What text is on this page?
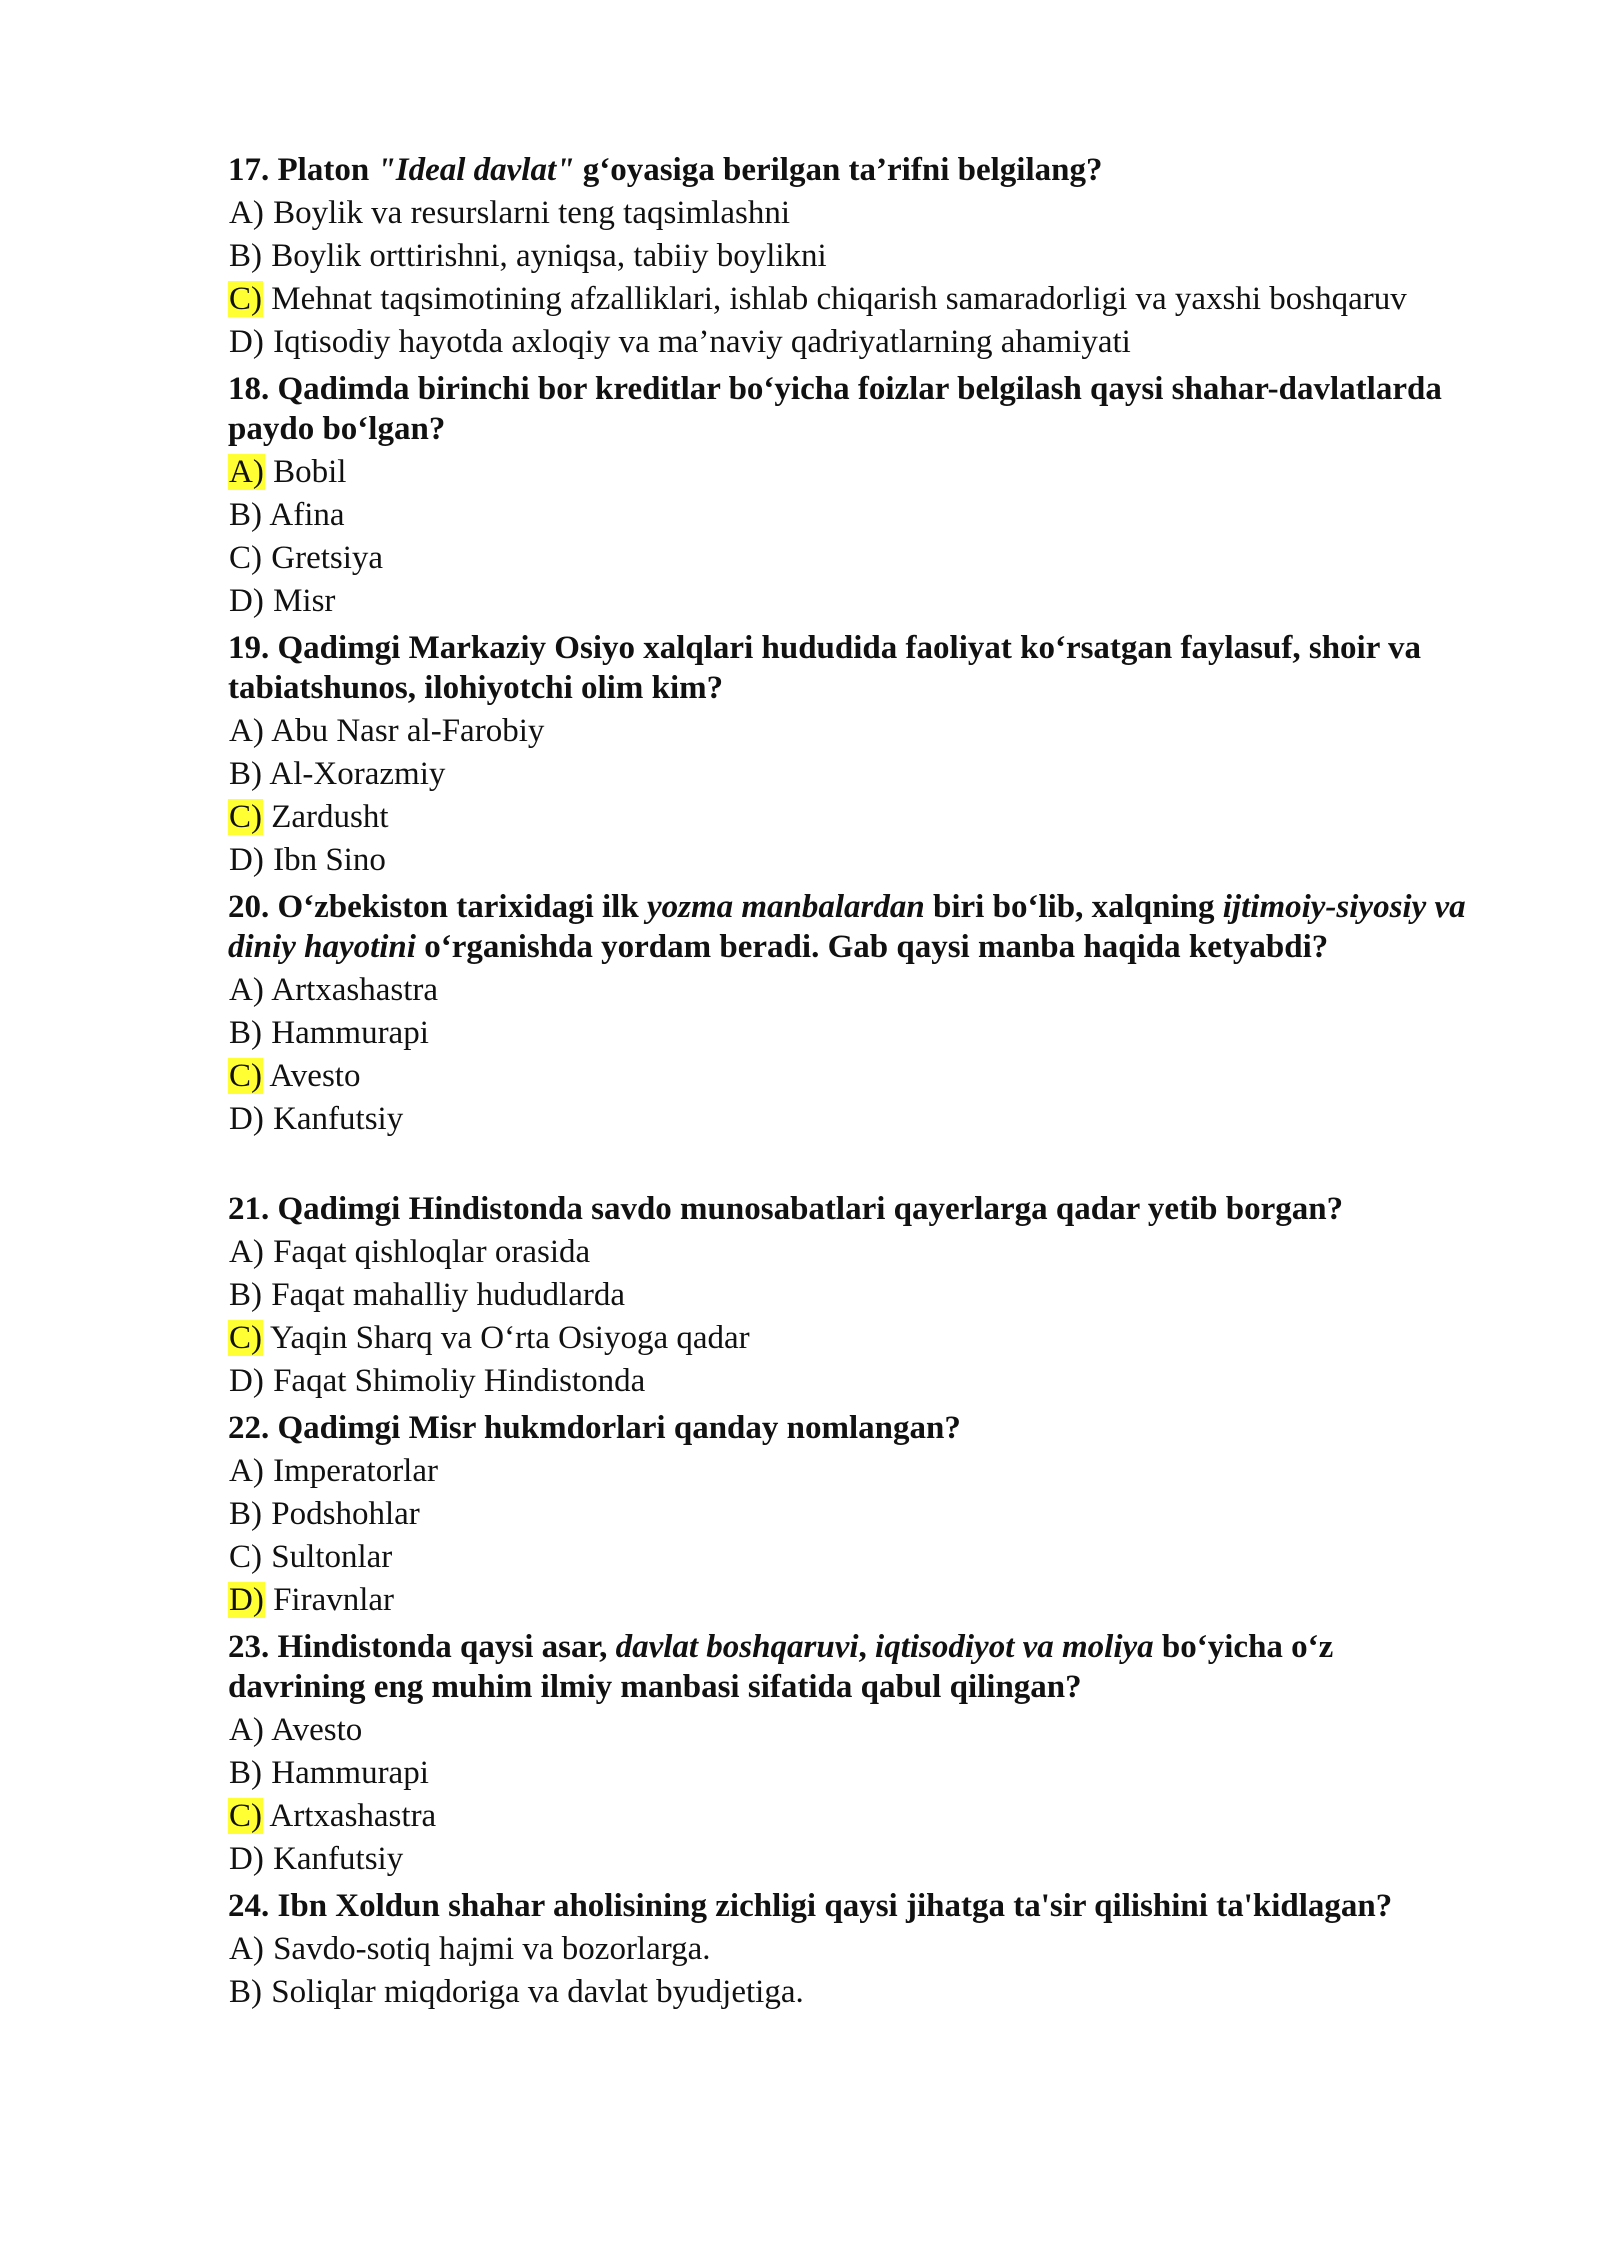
17. Platon "Ideal davlat" g‘oyasiga berilgan ta’rifni belgilang?

A) Boylik va resurslarni teng taqsimlashni
B) Boylik orttirishni, ayniqsa, tabiiy boylikni
C) Mehnat taqsimotining afzalliklari, ishlab chiqarish samaradorligi va yaxshi boshqaruv
D) Iqtisodiy hayotda axloqiy va ma’naviy qadriyatlarning ahamiyati

18. Qadimda birinchi bor kreditlar bo‘yicha foizlar belgilash qaysi shahar-davlatlarda paydo bo‘lgan?

A) Bobil
B) Afina
C) Gretsiya
D) Misr

19. Qadimgi Markaziy Osiyo xalqlari hududida faoliyat ko‘rsatgan faylasuf, shoir va tabiatshunos, ilohiyotchi olim kim?

A) Abu Nasr al-Farobiy
B) Al-Xorazmiy
C) Zardusht
D) Ibn Sino

20. O‘zbekiston tarixidagi ilk yozma manbalardan biri bo‘lib, xalqning ijtimoiy-siyosiy va diniy hayotini o‘rganishda yordam beradi. Gab qaysi manba haqida ketyabdi?

A) Artxashastra
B) Hammurapi
C) Avesto
D) Kanfutsiy

21. Qadimgi Hindistonda savdo munosabatlari qayerlarga qadar yetib borgan?

A) Faqat qishloqlar orasida
B) Faqat mahalliy hududlarda
C) Yaqin Sharq va O‘rta Osiyoga qadar
D) Faqat Shimoliy Hindistonda

22. Qadimgi Misr hukmdorlari qanday nomlangan?

A) Imperatorlar
B) Podshohlar
C) Sultonlar
D) Firavnlar

23. Hindistonda qaysi asar, davlat boshqaruvi, iqtisodiyot va moliya bo‘yicha o‘z davrining eng muhim ilmiy manbasi sifatida qabul qilingan?

A) Avesto
B) Hammurapi
C) Artxashastra
D) Kanfutsiy

24. Ibn Xoldun shahar aholisining zichligi qaysi jihatga ta'sir qilishini ta'kidlagan?

A) Savdo-sotiq hajmi va bozorlarga.
B) Soliqlar miqdoriga va davlat byudjetiga.
